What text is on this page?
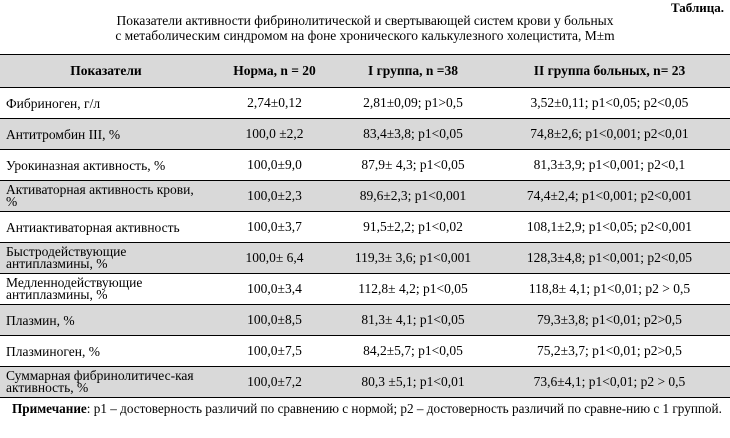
Таблица.
Показатели активности фибринолитической и свертывающей систем крови у больных
с метаболическим синдромом на фоне хронического калькулезного холецистита, M±m
Показатели	Норма, n = 20	I группа, n =38	II группа больных, n= 23
Фибриноген, г/л	2,74±0,12	2,81±0,09; p1>0,5	3,52±0,11; p1<0,05; p2<0,05
Антитромбин III, %	100,0 ±2,2	83,4±3,8; p1<0,05	74,8±2,6; p1<0,001; p2<0,01
Урокиназная активность, %	100,0±9,0	87,9± 4,3; p1<0,05	81,3±3,9; p1<0,001; p2<0,1
Активаторная активность крови, %	100,0±2,3	89,6±2,3; p1<0,001	74,4±2,4; p1<0,001; p2<0,001
Антиактиваторная активность	100,0±3,7	91,5±2,2; p1<0,02	108,1±2,9; p1<0,05; p2<0,001
Быстродействующие антиплазмины, %	100,0± 6,4	119,3± 3,6; p1<0,001	128,3±4,8; p1<0,001; p2<0,05
Медленнодействующие антиплазмины, %	100,0±3,4	112,8± 4,2; p1<0,05	118,8± 4,1; p1<0,01; p2 > 0,5
Плазмин, %	100,0±8,5	81,3± 4,1; p1<0,05	79,3±3,8; p1<0,01; p2>0,5
Плазминоген, %	100,0±7,5	84,2±5,7; p1<0,05	75,2±3,7; p1<0,01; p2>0,5
Суммарная фибринолитичес-кая активность, %	100,0±7,2	80,3 ±5,1; p1<0,01	73,6±4,1; p1<0,01; p2 > 0,5
Примечание: p1 – достоверность различий по сравнению с нормой; p2 – достоверность различий по сравне-нию с 1 группой.
